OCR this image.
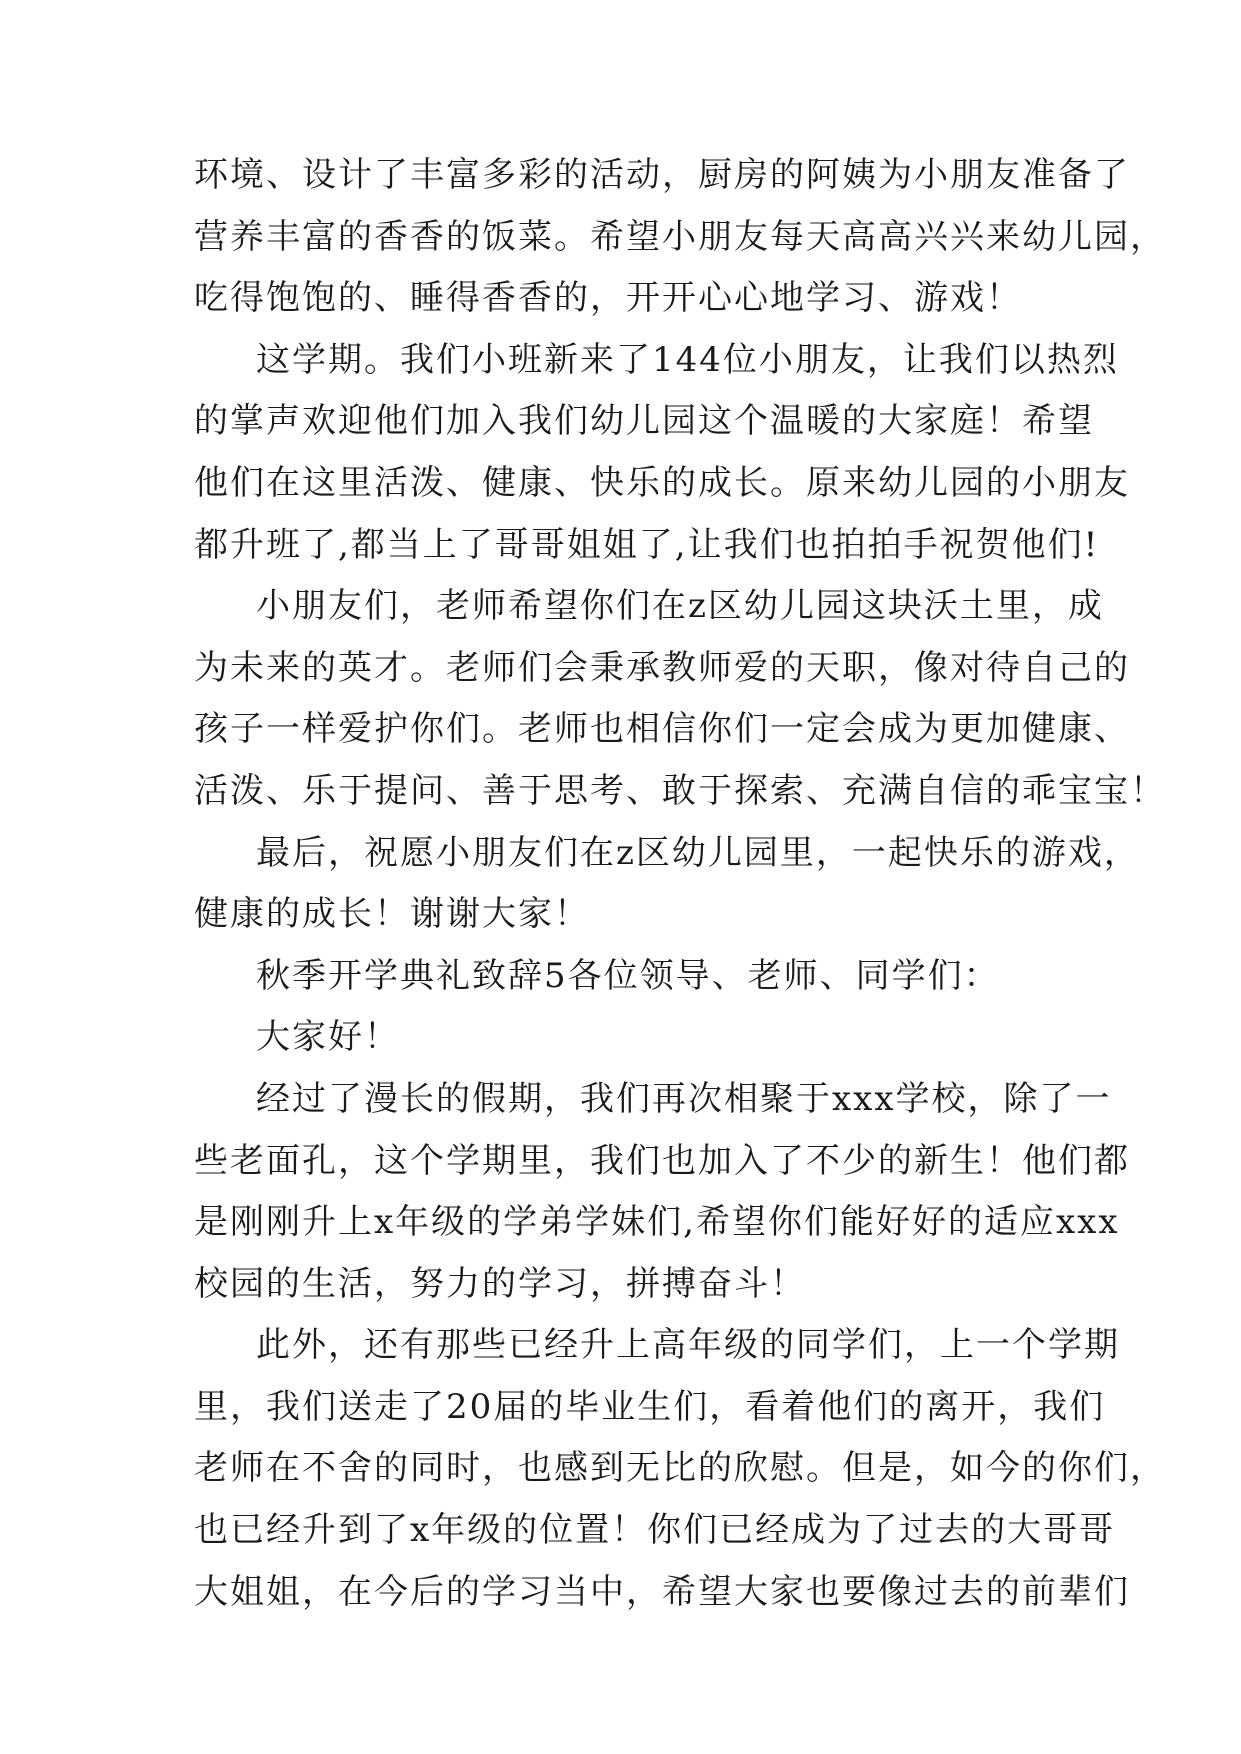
环境、设计了丰富多彩的活动，厨房的阿姨为小朋友准备了
营养丰富的香香的饭菜。希望小朋友每天高高兴兴来幼儿园，
吃得饱饱的、睡得香香的，开开心心地学习、游戏！
这学期。我们小班新来了144位小朋友，让我们以热烈
的掌声欢迎他们加入我们幼儿园这个温暖的大家庭！希望
他们在这里活泼、健康、快乐的成长。原来幼儿园的小朋友
都升班了,都当上了哥哥姐姐了,让我们也拍拍手祝贺他们!
小朋友们，老师希望你们在z区幼儿园这块沃土里，成
为未来的英才。老师们会秉承教师爱的天职，像对待自己的
孩子一样爱护你们。老师也相信你们一定会成为更加健康、
活泼、乐于提问、善于思考、敢于探索、充满自信的乖宝宝！
最后，祝愿小朋友们在z区幼儿园里，一起快乐的游戏，
健康的成长！谢谢大家！
秋季开学典礼致辞5各位领导、老师、同学们：
大家好！
经过了漫长的假期，我们再次相聚于xxx学校，除了一
些老面孔，这个学期里，我们也加入了不少的新生！他们都
是刚刚升上x年级的学弟学妹们,希望你们能好好的适应xxx
校园的生活，努力的学习，拼搏奋斗！
此外，还有那些已经升上高年级的同学们，上一个学期
里，我们送走了20届的毕业生们，看着他们的离开，我们
老师在不舍的同时，也感到无比的欣慰。但是，如今的你们，
也已经升到了x年级的位置！你们已经成为了过去的大哥哥
大姐姐，在今后的学习当中，希望大家也要像过去的前辈们
